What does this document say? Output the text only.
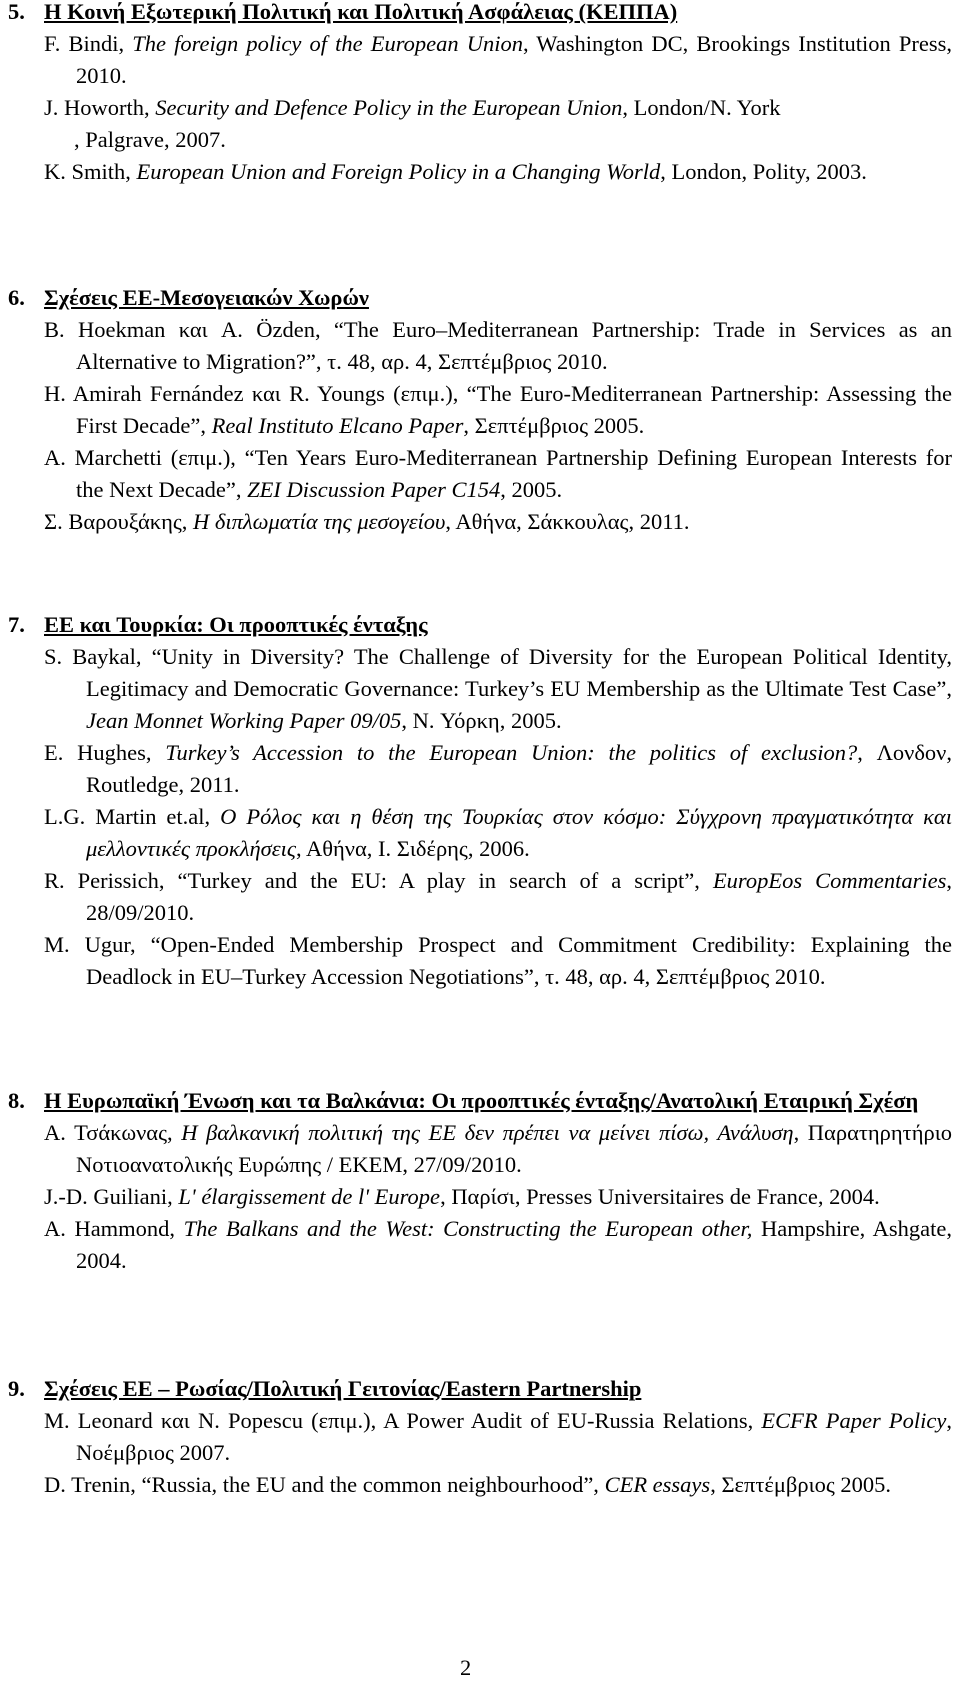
5. Η Κοινή Εξωτερική Πολιτική και Πολιτική Ασφάλειας (ΚΕΠΠΑ)
F. Bindi, The foreign policy of the European Union, Washington DC, Brookings Institution Press, 2010.
J. Howorth, Security and Defence Policy in the European Union, London/N. York
, Palgrave, 2007.
K. Smith, European Union and Foreign Policy in a Changing World, London, Polity, 2003.
6. Σχέσεις ΕΕ-Μεσογειακών Χωρών
B. Hoekman και A. Özden, “The Euro–Mediterranean Partnership: Trade in Services as an Alternative to Migration?”, τ. 48, αρ. 4, Σεπτέμβριος 2010.
H. Amirah Fernández και R. Youngs (επιμ.), “The Euro-Mediterranean Partnership: Assessing the First Decade”, Real Instituto Elcano Paper, Σεπτέμβριος 2005.
A. Marchetti (επιμ.), “Ten Years Euro-Mediterranean Partnership Defining European Interests for the Next Decade”, ZEI Discussion Paper C154, 2005.
Σ. Βαρουξάκης, Η διπλωματία της μεσογείου, Αθήνα, Σάκκουλας, 2011.
7. ΕΕ και Τουρκία: Οι προοπτικές ένταξης
S. Baykal, “Unity in Diversity? The Challenge of Diversity for the European Political Identity, Legitimacy and Democratic Governance: Turkey’s EU Membership as the Ultimate Test Case”, Jean Monnet Working Paper 09/05, N. Υόρκη, 2005.
E. Hughes, Turkey’s Accession to the European Union: the politics of exclusion?, Λονδον, Routledge, 2011.
L.G. Martin et.al, O Ρόλος και η θέση της Τουρκίας στον κόσμο: Σύγχρονη πραγματικότητα και μελλοντικές προκλήσεις, Αθήνα, Ι. Σιδέρης, 2006.
R. Perissich, “Turkey and the EU: A play in search of a script”, EuropEos Commentaries, 28/09/2010.
M. Ugur, “Open-Ended Membership Prospect and Commitment Credibility: Explaining the Deadlock in EU–Turkey Accession Negotiations”, τ. 48, αρ. 4, Σεπτέμβριος 2010.
8. Η Ευρωπαϊκή Ένωση και τα Βαλκάνια: Οι προοπτικές ένταξης/Ανατολική Εταιρική Σχέση
Α. Τσάκωνας, Η βαλκανική πολιτική της ΕΕ δεν πρέπει να μείνει πίσω, Ανάλυση, Παρατηρητήριο Νοτιοανατολικής Ευρώπης / ΕΚΕΜ, 27/09/2010.
J.-D. Guiliani, L' élargissement de l' Europe, Παρίσι, Presses Universitaires de France, 2004.
A. Hammond, The Balkans and the West: Constructing the European other, Hampshire, Ashgate, 2004.
9. Σχέσεις ΕΕ – Ρωσίας/Πολιτική Γειτονίας/Eastern Partnership
M. Leonard και N. Popescu (επιμ.), A Power Audit of EU-Russia Relations, ECFR Paper Policy, Νοέμβριος 2007.
D. Trenin, “Russia, the EU and the common neighbourhood”, CER essays, Σεπτέμβριος 2005.
2
